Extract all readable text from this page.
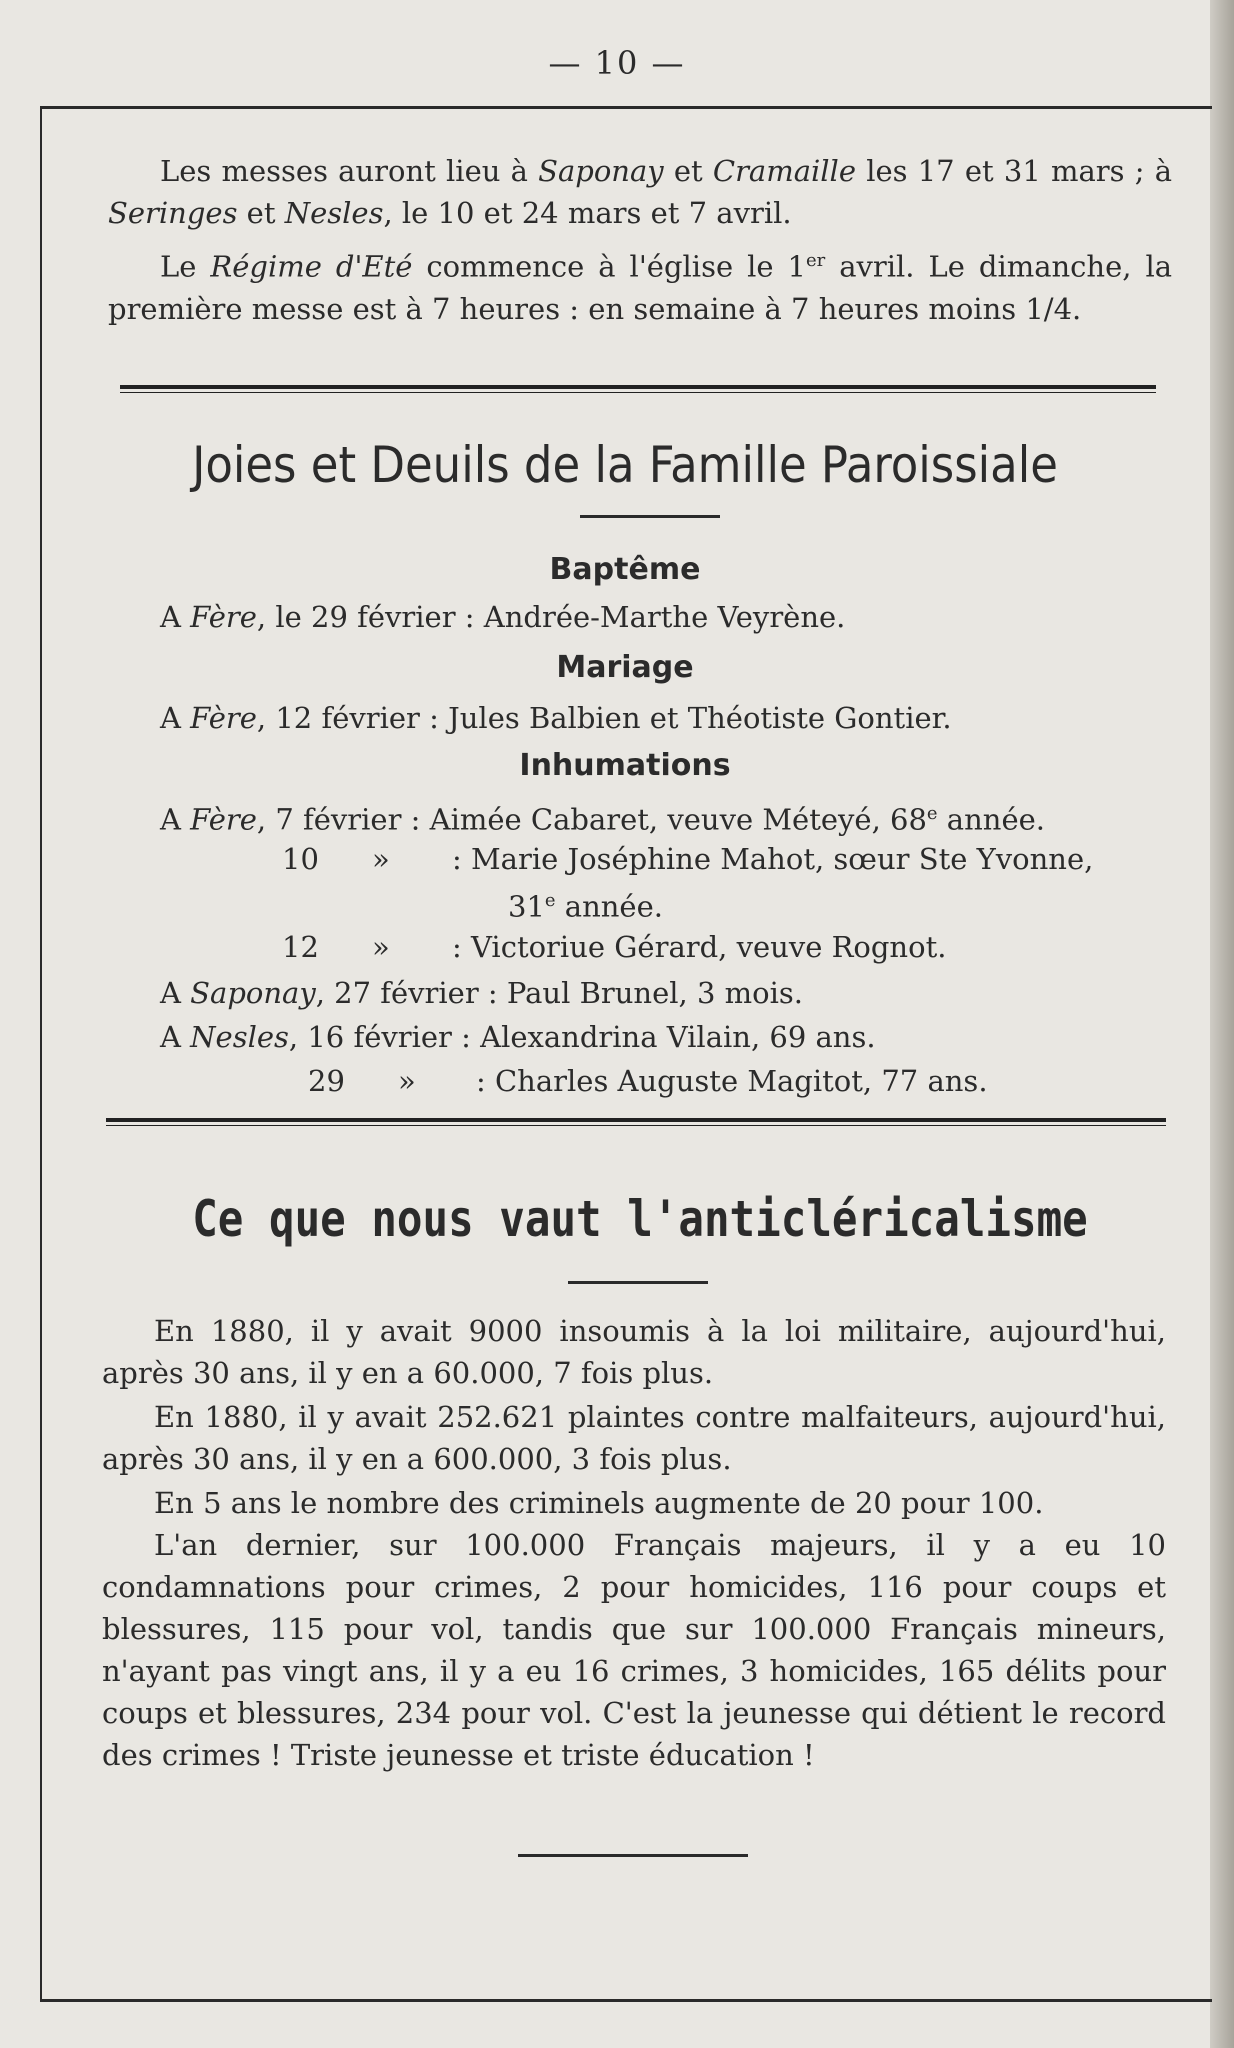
— 10 —

Les messes auront lieu à Saponay et Cramaille les 17 et 31 mars ; à Seringes et Nesles, le 10 et 24 mars et 7 avril.

Le Régime d'Eté commence à l'église le 1er avril. Le dimanche, la première messe est à 7 heures : en semaine à 7 heures moins 1/4.

Joies et Deuils de la Famille Paroissiale
Baptême
A Fère, le 29 février : Andrée-Marthe Veyrène.
Mariage
A Fère, 12 février : Jules Balbien et Théotiste Gontier.
Inhumations
A Fère, 7 février : Aimée Cabaret, veuve Méteyé, 68e année.
10 » : Marie Joséphine Mahot, sœur Ste Yvonne,
31e année.
12 » : Victoriue Gérard, veuve Rognot.
A Saponay, 27 février : Paul Brunel, 3 mois.
A Nesles, 16 février : Alexandrina Vilain, 69 ans.
29 » : Charles Auguste Magitot, 77 ans.
Ce que nous vaut l'anticléricalisme

En 1880, il y avait 9000 insoumis à la loi militaire, aujourd'hui, après 30 ans, il y en a 60.000, 7 fois plus.

En 1880, il y avait 252.621 plaintes contre malfaiteurs, aujourd'hui, après 30 ans, il y en a 600.000, 3 fois plus.

En 5 ans le nombre des criminels augmente de 20 pour 100.

L'an dernier, sur 100.000 Français majeurs, il y a eu 10 condamnations pour crimes, 2 pour homicides, 116 pour coups et blessures, 115 pour vol, tandis que sur 100.000 Français mineurs, n'ayant pas vingt ans, il y a eu 16 crimes, 3 homicides, 165 délits pour coups et blessures, 234 pour vol. C'est la jeunesse qui détient le record des crimes ! Triste jeunesse et triste éducation !
